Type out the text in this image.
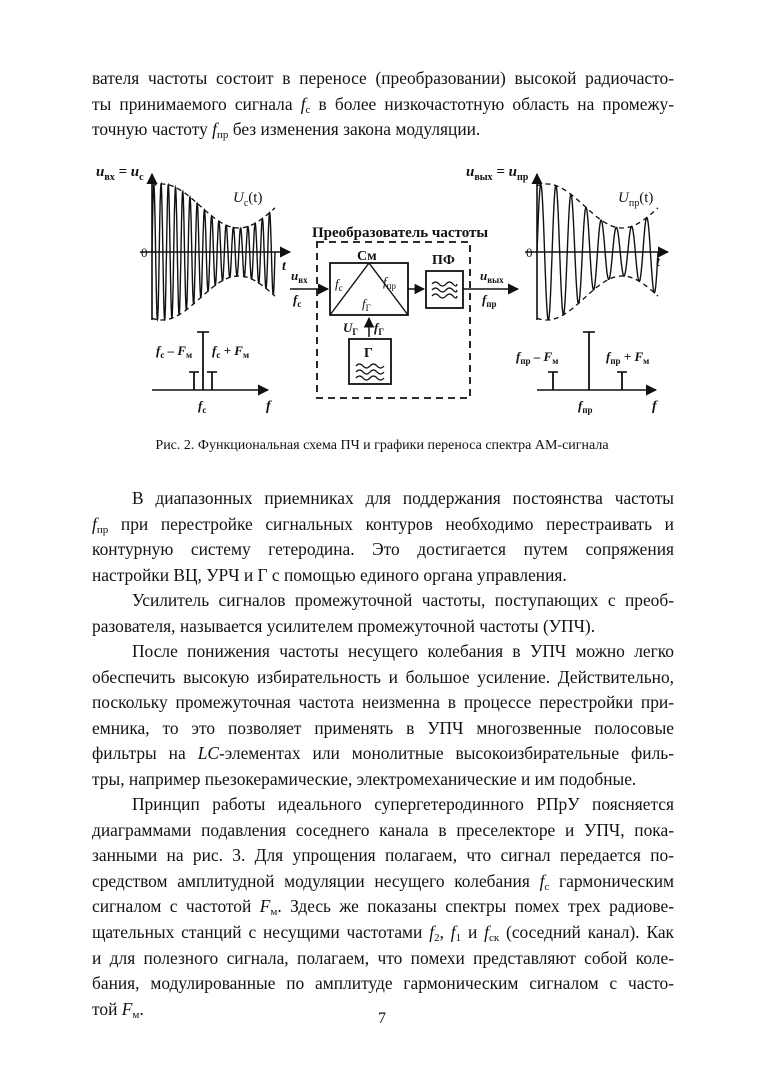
вателя частоты состоит в переносе (преобразовании) высокой радиочасто-
ты принимаемого сигнала $f_с$ в более низкочастотную область на промежу-
точную частоту $f_{пр}$ без изменения закона модуляции.
$u_{вх} = u_с$
$U_с(t)$
0
t
$u_{вых} = u_{пр}$
$U_{пр}(t)$
0
t
Преобразователь частоты
См
$f_с$	$f_{пр}$
$f_Г$
ПФ
Г
$U_Г$ $f_Г$
$u_{вх}$
$f_с$
$u_{вых}$
$f_{пр}$
$f_с - F_м$ $f_с + F_м$
$f_с$	f
$f_{пр} - F_м$	$f_{пр} + F_м$
$f_{пр}$	f
Рис. 2. Функциональная схема ПЧ и графики переноса спектра АМ-сигнала
В диапазонных приемниках для поддержания постоянства частоты
$f_{пр}$ при перестройке сигнальных контуров необходимо перестраивать и
контурную систему гетеродина. Это достигается путем сопряжения
настройки ВЦ, УРЧ и Г с помощью единого органа управления.
Усилитель сигналов промежуточной частоты, поступающих с преоб-
разователя, называется усилителем промежуточной частоты (УПЧ).
После понижения частоты несущего колебания в УПЧ можно легко
обеспечить высокую избирательность и большое усиление. Действительно,
поскольку промежуточная частота неизменна в процессе перестройки при-
емника, то это позволяет применять в УПЧ многозвенные полосовые
фильтры на LC-элементах или монолитные высокоизбирательные филь-
тры, например пьезокерамические, электромеханические и им подобные.
Принцип работы идеального супергетеродинного РПрУ поясняется
диаграммами подавления соседнего канала в преселекторе и УПЧ, пока-
занными на рис. 3. Для упрощения полагаем, что сигнал передается по-
средством амплитудной модуляции несущего колебания $f_с$ гармоническим
сигналом с частотой $F_м$. Здесь же показаны спектры помех трех радиове-
щательных станций с несущими частотами $f_2$, $f_1$ и $f_{ск}$ (соседний канал). Как
и для полезного сигнала, полагаем, что помехи представляют собой коле-
бания, модулированные по амплитуде гармоническим сигналом с часто-
той $F_м$.	7
